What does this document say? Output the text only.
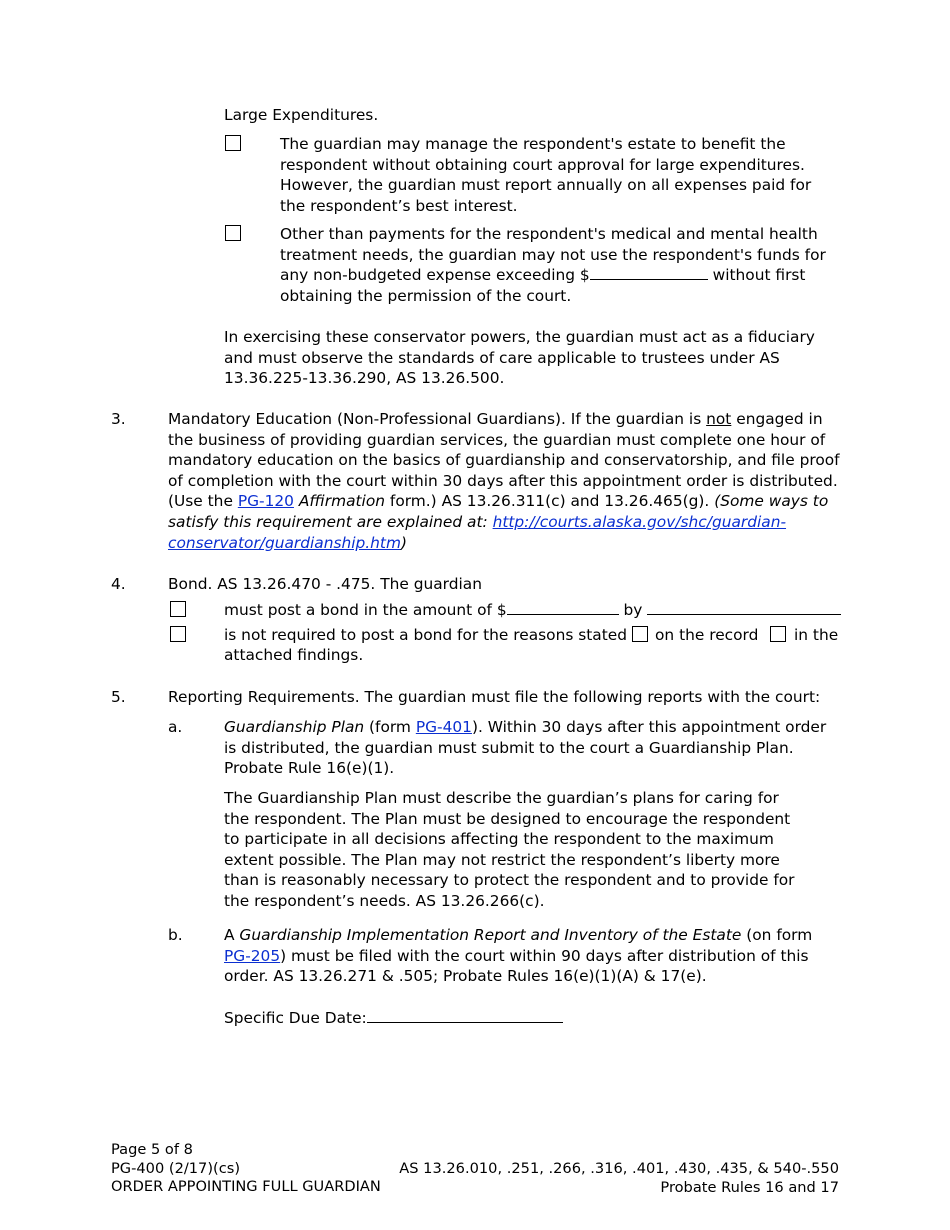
Large Expenditures.

The guardian may manage the respondent's estate to benefit the respondent without obtaining court approval for large expenditures. However, the guardian must report annually on all expenses paid for the respondent’s best interest.

Other than payments for the respondent's medical and mental health treatment needs, the guardian may not use the respondent's funds for any non-budgeted expense exceeding $	without first obtaining the permission of the court.

In exercising these conservator powers, the guardian must act as a fiduciary and must observe the standards of care applicable to trustees under AS 13.36.225-13.36.290, AS 13.26.500.

3.	Mandatory Education (Non-Professional Guardians). If the guardian is not engaged in the business of providing guardian services, the guardian must complete one hour of mandatory education on the basics of guardianship and conservatorship, and file proof of completion with the court within 30 days after this appointment order is distributed. (Use the PG-120 Affirmation form.) AS 13.26.311(c) and 13.26.465(g). (Some ways to satisfy this requirement are explained at: http://courts.alaska.gov/shc/guardian-conservator/guardianship.htm)

4.	Bond. AS 13.26.470 - .475. The guardian
must post a bond in the amount of $	by
is not required to post a bond for the reasons stated on the record in the
attached findings.
5.	Reporting Requirements. The guardian must file the following reports with the court:
a.	Guardianship Plan (form PG-401). Within 30 days after this appointment order is distributed, the guardian must submit to the court a Guardianship Plan. Probate Rule 16(e)(1).

The Guardianship Plan must describe the guardian’s plans for caring for the respondent. The Plan must be designed to encourage the respondent to participate in all decisions affecting the respondent to the maximum extent possible. The Plan may not restrict the respondent’s liberty more than is reasonably necessary to protect the respondent and to provide for the respondent’s needs. AS 13.26.266(c).

b.	A Guardianship Implementation Report and Inventory of the Estate (on form PG-205) must be filed with the court within 90 days after distribution of this order. AS 13.26.271 & .505; Probate Rules 16(e)(1)(A) & 17(e).

Specific Due Date:
Page 5 of 8
PG-400 (2/17)(cs)
ORDER APPOINTING FULL GUARDIAN
AS 13.26.010, .251, .266, .316, .401, .430, .435, & 540-.550
Probate Rules 16 and 17
